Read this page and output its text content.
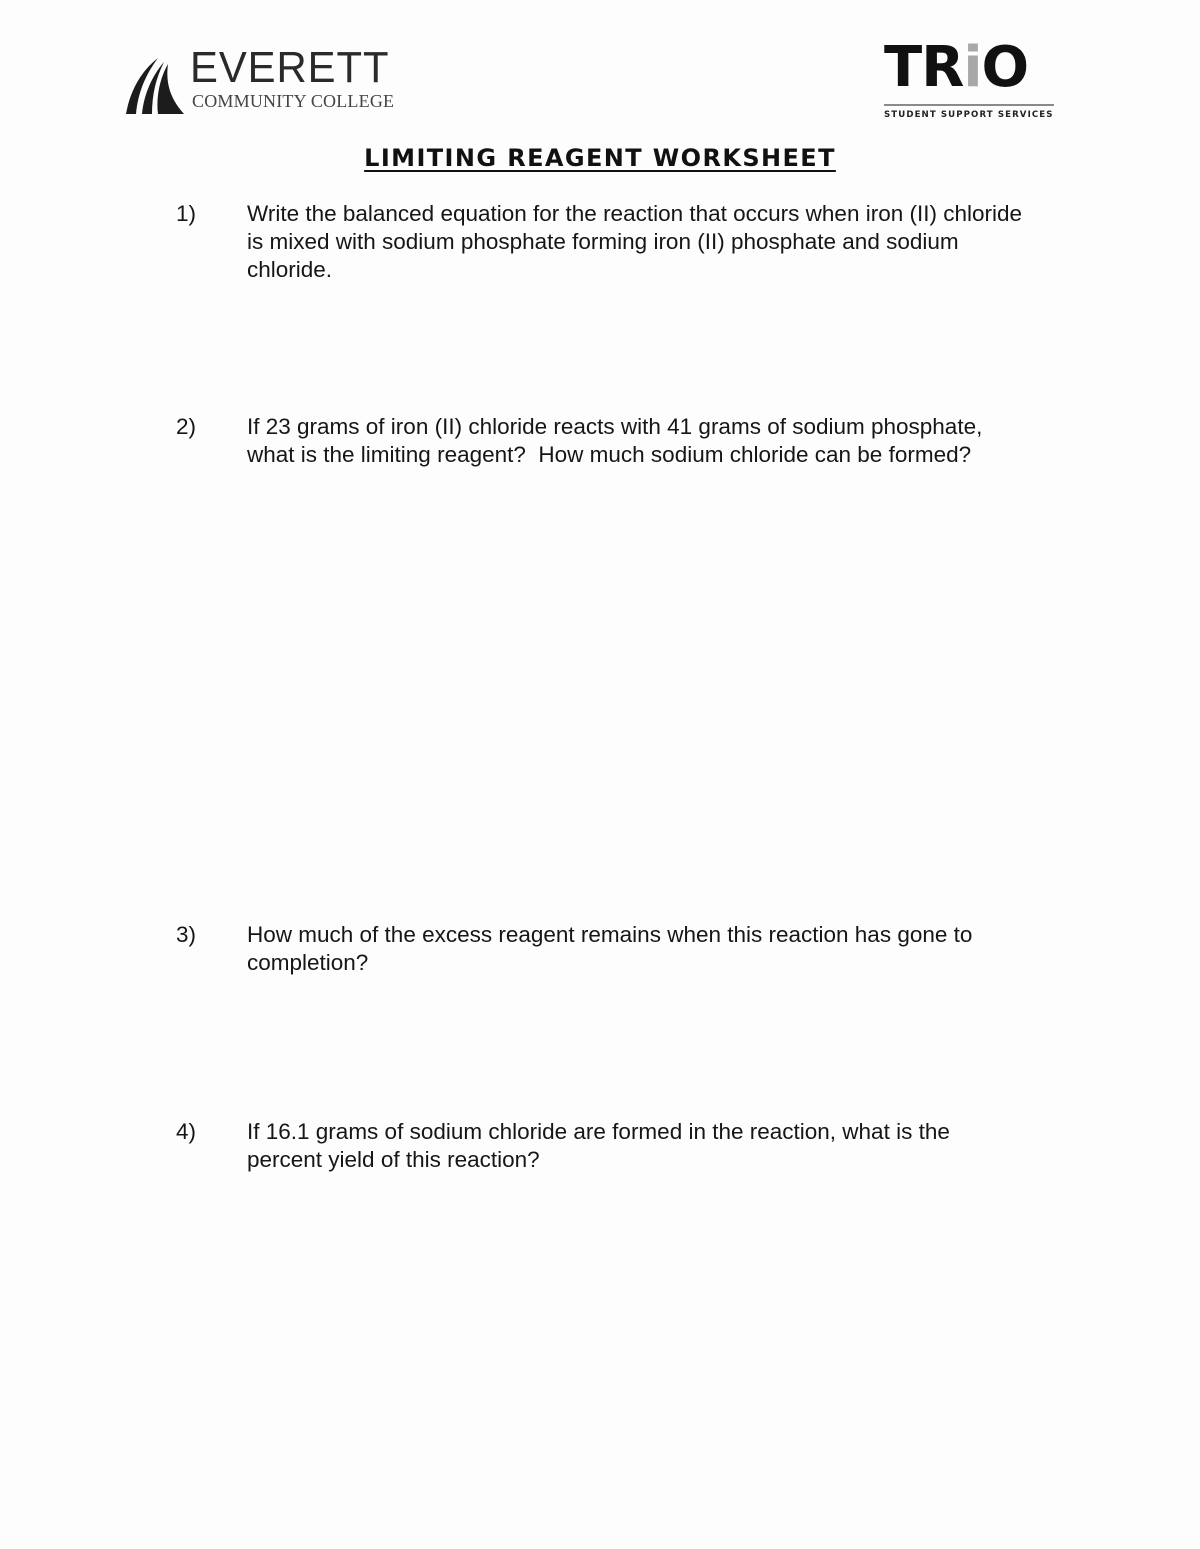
EVERETT
COMMUNITY COLLEGE
TRiO
STUDENT SUPPORT SERVICES
LIMITING REAGENT WORKSHEET
1) Write the balanced equation for the reaction that occurs when iron (II) chloride is mixed with sodium phosphate forming iron (II) phosphate and sodium chloride.
2) If 23 grams of iron (II) chloride reacts with 41 grams of sodium phosphate, what is the limiting reagent?  How much sodium chloride can be formed?
3) How much of the excess reagent remains when this reaction has gone to completion?
4) If 16.1 grams of sodium chloride are formed in the reaction, what is the percent yield of this reaction?
